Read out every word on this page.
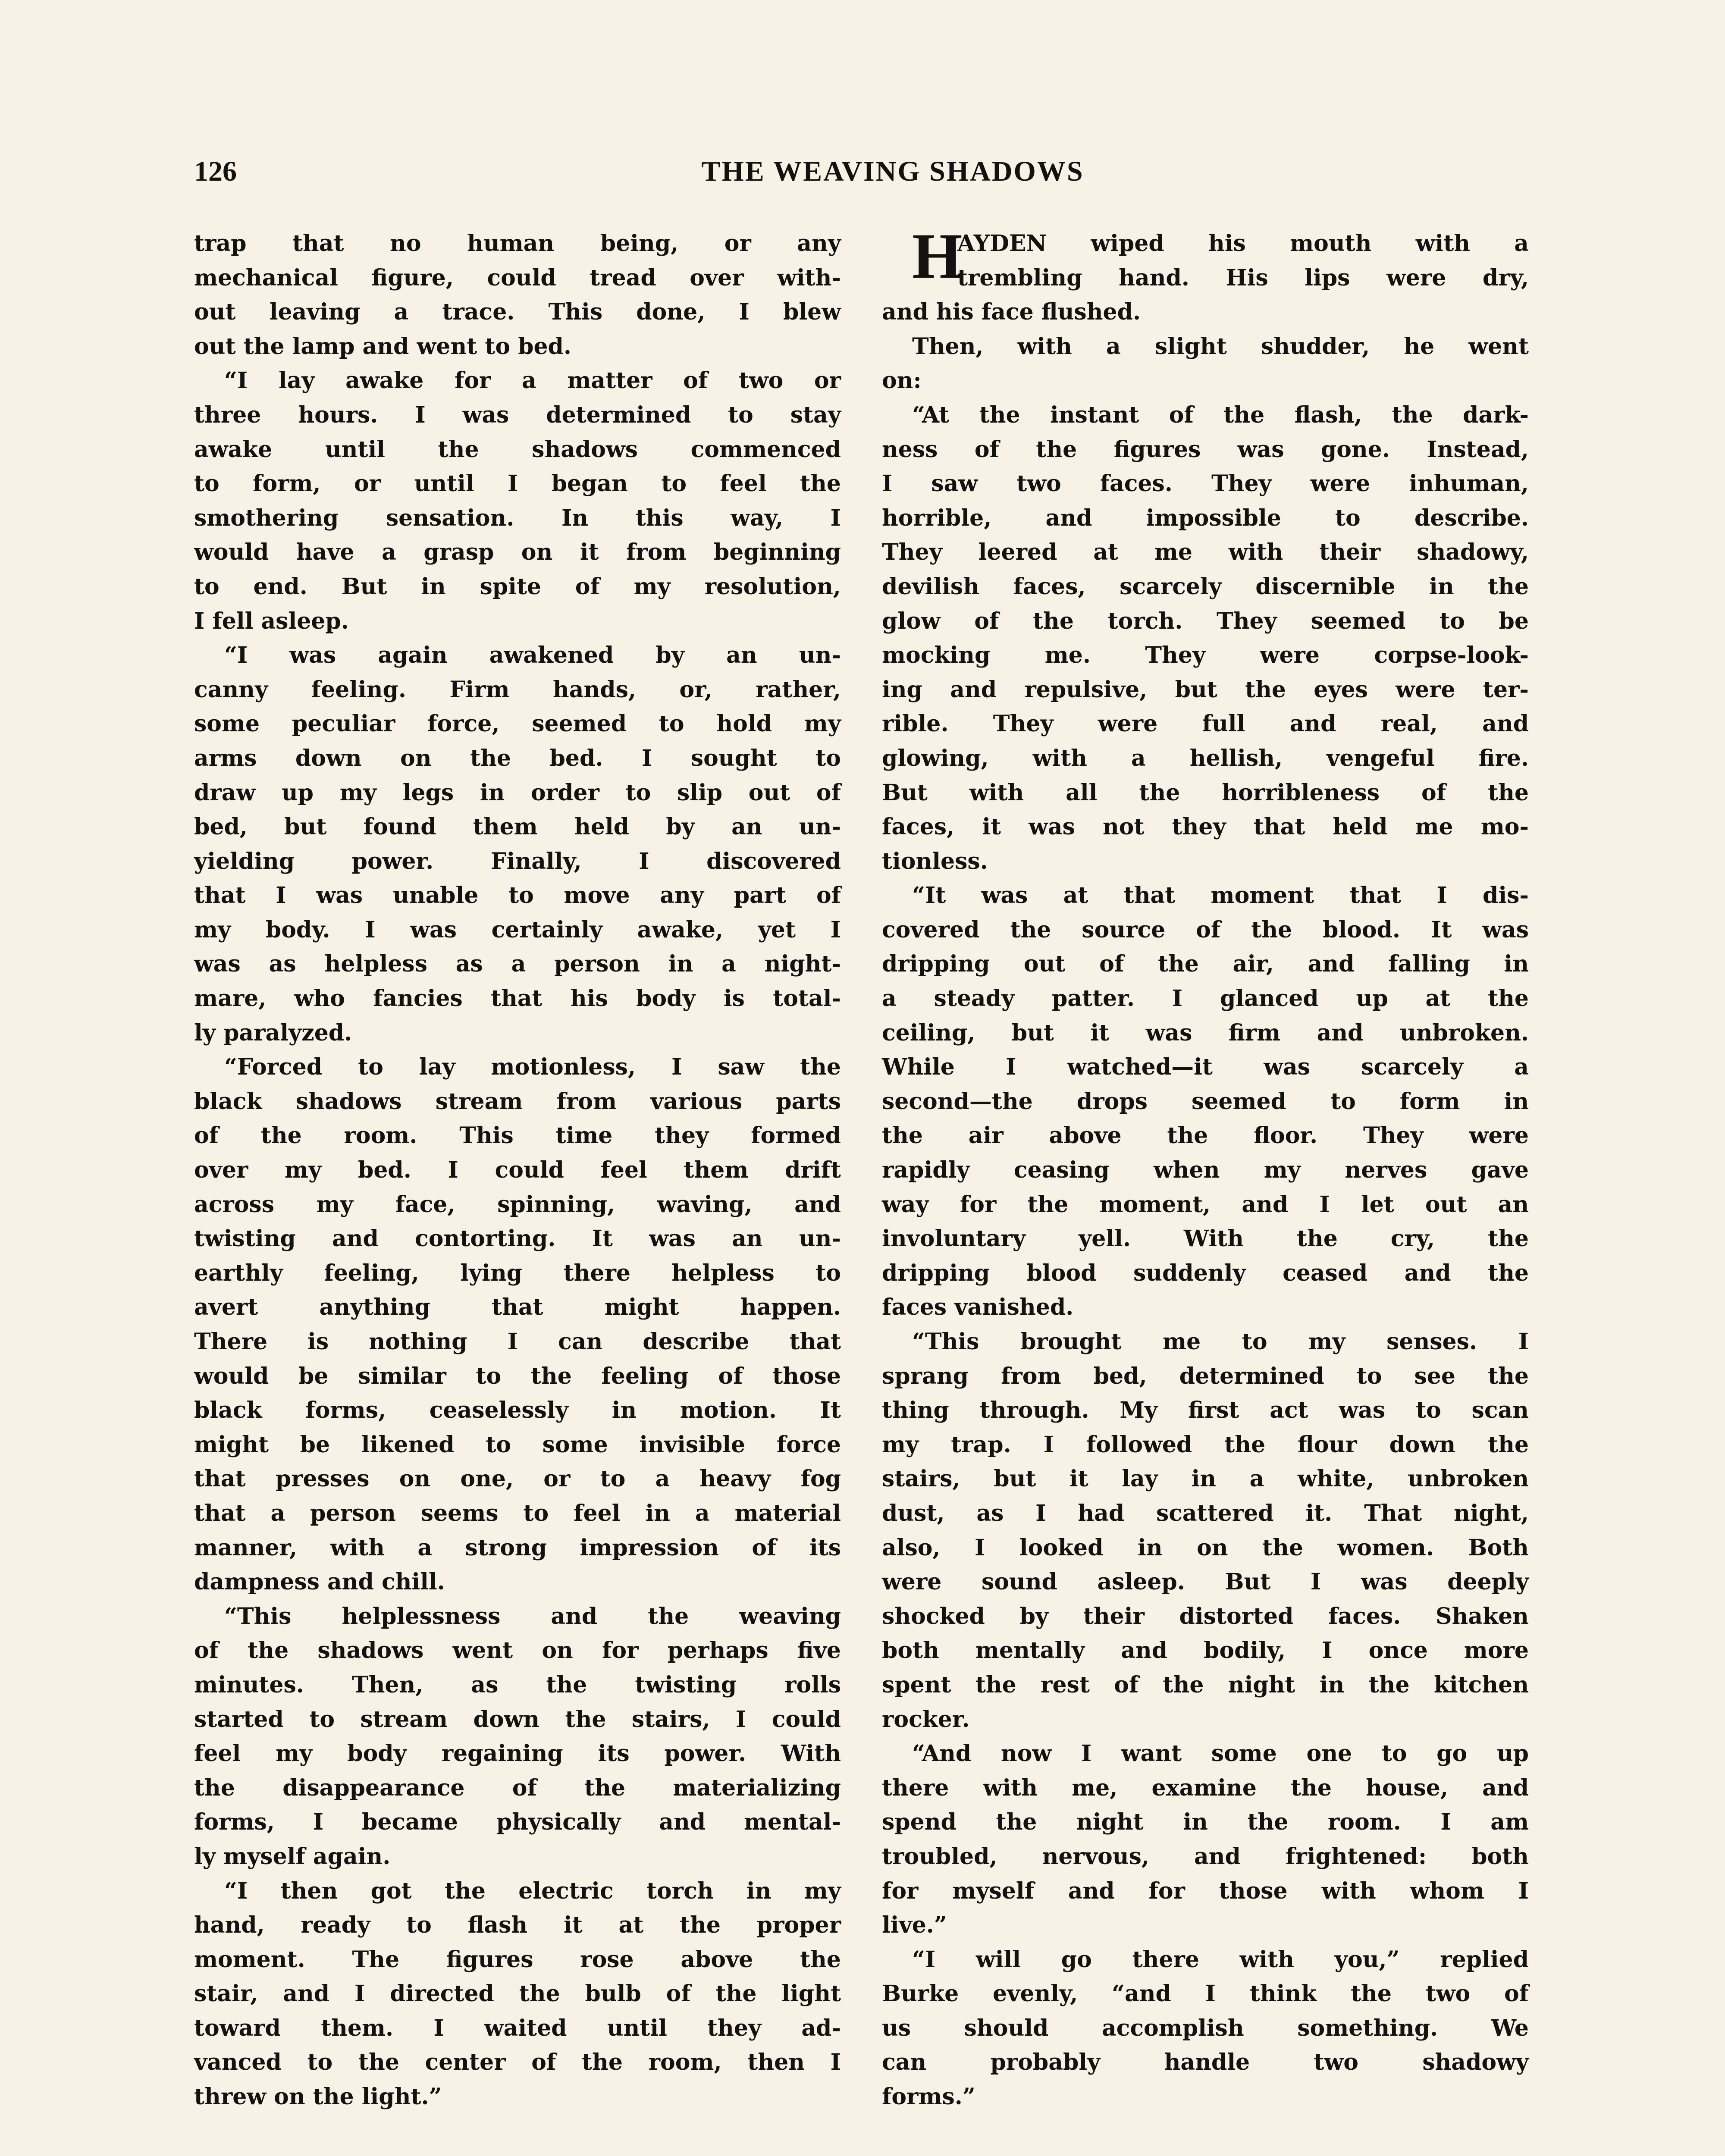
126	THE WEAVING SHADOWS
trap that no human being, or any
mechanical figure, could tread over with-
out leaving a trace. This done, I blew
out the lamp and went to bed.
“I lay awake for a matter of two or
three hours. I was determined to stay
awake until the shadows commenced
to form, or until I began to feel the
smothering sensation. In this way, I
would have a grasp on it from beginning
to end. But in spite of my resolution,
I fell asleep.
“I was again awakened by an un-
canny feeling. Firm hands, or, rather,
some peculiar force, seemed to hold my
arms down on the bed. I sought to
draw up my legs in order to slip out of
bed, but found them held by an un-
yielding power. Finally, I discovered
that I was unable to move any part of
my body. I was certainly awake, yet I
was as helpless as a person in a night-
mare, who fancies that his body is total-
ly paralyzed.
“Forced to lay motionless, I saw the
black shadows stream from various parts
of the room. This time they formed
over my bed. I could feel them drift
across my face, spinning, waving, and
twisting and contorting. It was an un-
earthly feeling, lying there helpless to
avert anything that might happen.
There is nothing I can describe that
would be similar to the feeling of those
black forms, ceaselessly in motion. It
might be likened to some invisible force
that presses on one, or to a heavy fog
that a person seems to feel in a material
manner, with a strong impression of its
dampness and chill.
“This helplessness and the weaving
of the shadows went on for perhaps five
minutes. Then, as the twisting rolls
started to stream down the stairs, I could
feel my body regaining its power. With
the disappearance of the materializing
forms, I became physically and mental-
ly myself again.
“I then got the electric torch in my
hand, ready to flash it at the proper
moment. The figures rose above the
stair, and I directed the bulb of the light
toward them. I waited until they ad-
vanced to the center of the room, then I
threw on the light.”
H
AYDEN wiped his mouth with a
trembling hand. His lips were dry,
and his face flushed.
Then, with a slight shudder, he went
on:
“At the instant of the flash, the dark-
ness of the figures was gone. Instead,
I saw two faces. They were inhuman,
horrible, and impossible to describe.
They leered at me with their shadowy,
devilish faces, scarcely discernible in the
glow of the torch. They seemed to be
mocking me. They were corpse-look-
ing and repulsive, but the eyes were ter-
rible. They were full and real, and
glowing, with a hellish, vengeful fire.
But with all the horribleness of the
faces, it was not they that held me mo-
tionless.
“It was at that moment that I dis-
covered the source of the blood. It was
dripping out of the air, and falling in
a steady patter. I glanced up at the
ceiling, but it was firm and unbroken.
While I watched—it was scarcely a
second—the drops seemed to form in
the air above the floor. They were
rapidly ceasing when my nerves gave
way for the moment, and I let out an
involuntary yell. With the cry, the
dripping blood suddenly ceased and the
faces vanished.
“This brought me to my senses. I
sprang from bed, determined to see the
thing through. My first act was to scan
my trap. I followed the flour down the
stairs, but it lay in a white, unbroken
dust, as I had scattered it. That night,
also, I looked in on the women. Both
were sound asleep. But I was deeply
shocked by their distorted faces. Shaken
both mentally and bodily, I once more
spent the rest of the night in the kitchen
rocker.
“And now I want some one to go up
there with me, examine the house, and
spend the night in the room. I am
troubled, nervous, and frightened: both
for myself and for those with whom I
live.”
“I will go there with you,” replied
Burke evenly, “and I think the two of
us should accomplish something. We
can probably handle two shadowy
forms.”
